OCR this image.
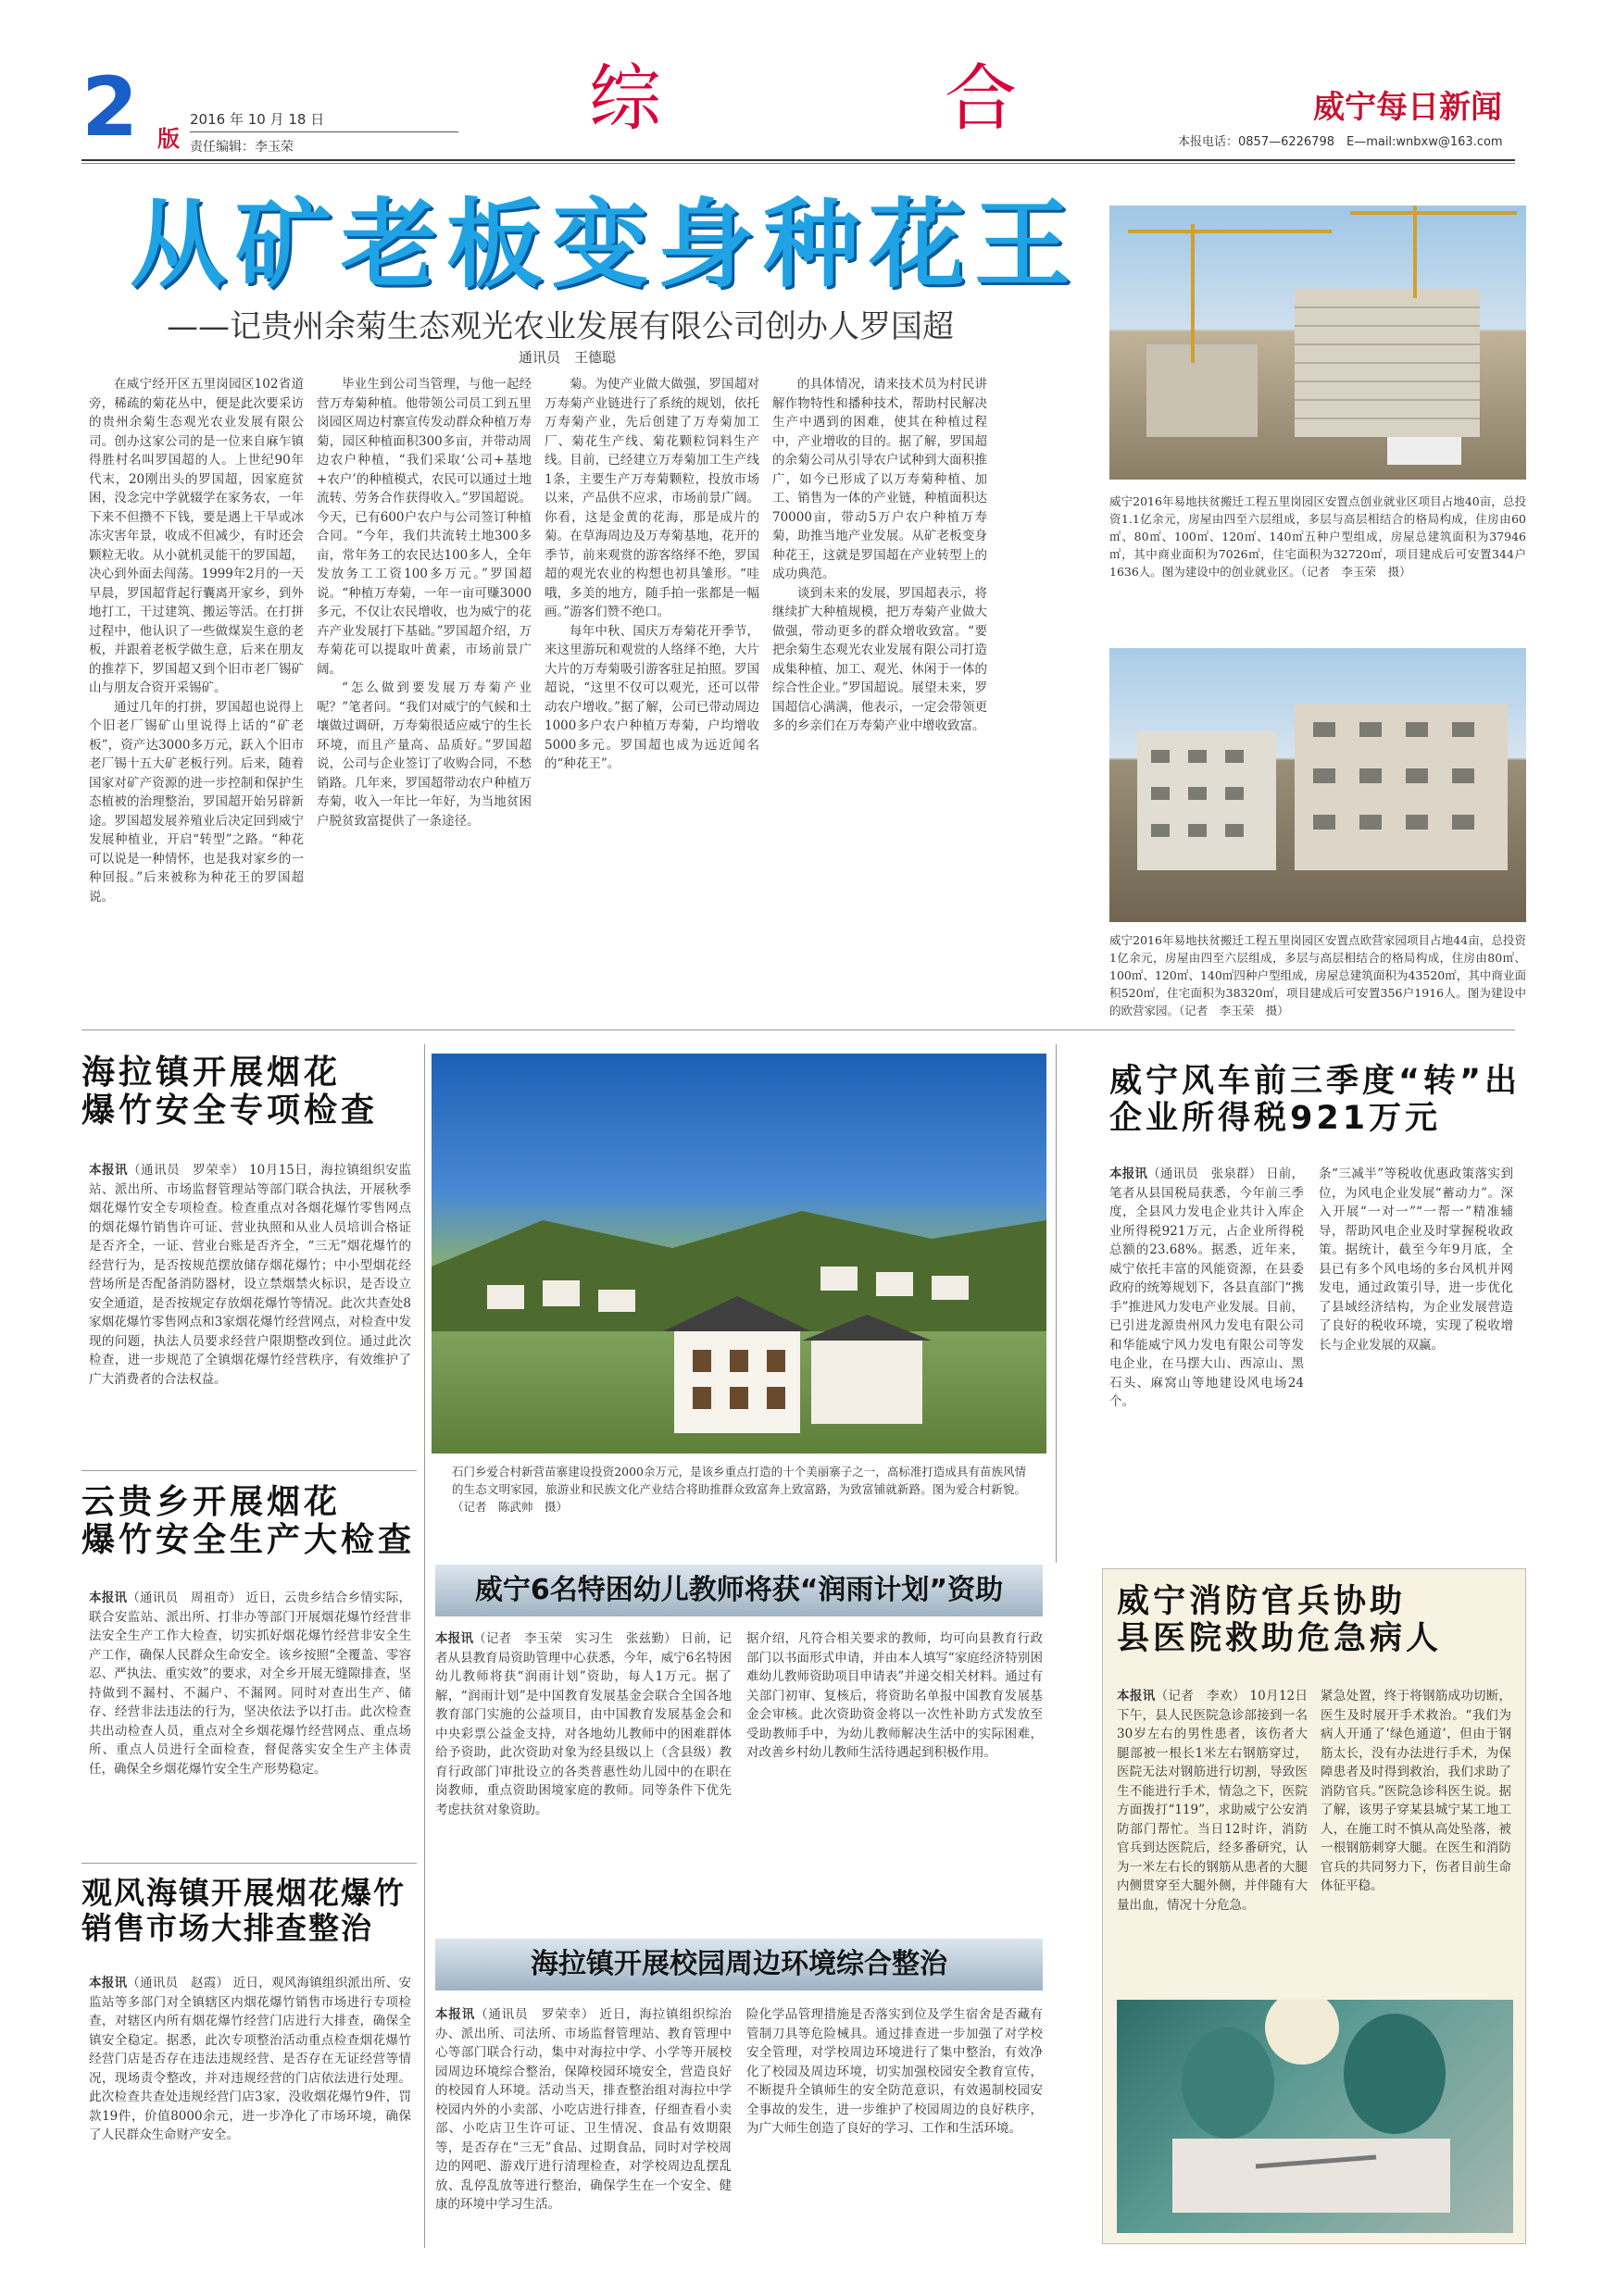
2 版
2016 年 10 月 18 日
责任编辑：李玉荣
综	合	威宁每日新闻
本报电话：0857—6226798　E—mail:wnbxw@163.com
从矿老板变身种花王
——记贵州余菊生态观光农业发展有限公司创办人罗国超
通讯员　王德聪

在威宁经开区五里岗园区102省道旁，稀疏的菊花丛中，便是此次要采访的贵州余菊生态观光农业发展有限公司。创办这家公司的是一位来自麻乍镇得胜村名叫罗国超的人。上世纪90年代末，20刚出头的罗国超，因家庭贫困，没念完中学就辍学在家务农，一年下来不但攒不下钱，要是遇上干旱或冰冻灾害年景，收成不但减少，有时还会颗粒无收。从小就机灵能干的罗国超，决心到外面去闯荡。1999年2月的一天早晨，罗国超背起行囊离开家乡，到外地打工，干过建筑、搬运等活。在打拼过程中，他认识了一些做煤炭生意的老板，并跟着老板学做生意，后来在朋友的推荐下，罗国超又到个旧市老厂锡矿山与朋友合资开采锡矿。

通过几年的打拼，罗国超也说得上个旧老厂锡矿山里说得上话的“矿老板”，资产达3000多万元，跃入个旧市老厂锡十五大矿老板行列。后来，随着国家对矿产资源的进一步控制和保护生态植被的治理整治，罗国超开始另辟新途。罗国超发展养殖业后决定回到威宁发展种植业，开启“转型”之路。“种花可以说是一种情怀，也是我对家乡的一种回报。”后来被称为种花王的罗国超说。

毕业生到公司当管理，与他一起经营万寿菊种植。他带领公司员工到五里岗园区周边村寨宣传发动群众种植万寿菊，园区种植面积300多亩，并带动周边农户种植，“我们采取‘公司+基地+农户’的种植模式，农民可以通过土地流转、劳务合作获得收入。”罗国超说。今天，已有600户农户与公司签订种植合同。“今年，我们共流转土地300多亩，常年务工的农民达100多人，全年发放务工工资100多万元。”罗国超说。“种植万寿菊，一年一亩可赚3000多元，不仅让农民增收，也为威宁的花卉产业发展打下基础。”罗国超介绍，万寿菊花可以提取叶黄素，市场前景广阔。

“怎么做到要发展万寿菊产业呢？”笔者问。“我们对威宁的气候和土壤做过调研，万寿菊很适应威宁的生长环境，而且产量高、品质好。”罗国超说，公司与企业签订了收购合同，不愁销路。几年来，罗国超带动农户种植万寿菊，收入一年比一年好，为当地贫困户脱贫致富提供了一条途径。

菊。为使产业做大做强，罗国超对万寿菊产业链进行了系统的规划，依托万寿菊产业，先后创建了万寿菊加工厂、菊花生产线、菊花颗粒饲料生产线。目前，已经建立万寿菊加工生产线1条，主要生产万寿菊颗粒，投放市场以来，产品供不应求，市场前景广阔。你看，这是金黄的花海，那是成片的菊。在草海周边及万寿菊基地，花开的季节，前来观赏的游客络绎不绝，罗国超的观光农业的构想也初具雏形。“哇哦，多美的地方，随手拍一张都是一幅画。”游客们赞不绝口。

每年中秋、国庆万寿菊花开季节，来这里游玩和观赏的人络绎不绝，大片大片的万寿菊吸引游客驻足拍照。罗国超说，“这里不仅可以观光，还可以带动农户增收。”据了解，公司已带动周边1000多户农户种植万寿菊，户均增收5000多元。罗国超也成为远近闻名的“种花王”。

的具体情况，请来技术员为村民讲解作物特性和播种技术，帮助村民解决生产中遇到的困难，使其在种植过程中，产业增收的目的。据了解，罗国超的余菊公司从引导农户试种到大面积推广，如今已形成了以万寿菊种植、加工、销售为一体的产业链，种植面积达70000亩，带动5万户农户种植万寿菊，助推当地产业发展。从矿老板变身种花王，这就是罗国超在产业转型上的成功典范。

谈到未来的发展，罗国超表示，将继续扩大种植规模，把万寿菊产业做大做强，带动更多的群众增收致富。“要把余菊生态观光农业发展有限公司打造成集种植、加工、观光、休闲于一体的综合性企业。”罗国超说。展望未来，罗国超信心满满，他表示，一定会带领更多的乡亲们在万寿菊产业中增收致富。

威宁2016年易地扶贫搬迁工程五里岗园区安置点创业就业区项目占地40亩，总投资1.1亿余元，房屋由四至六层组成，多层与高层相结合的格局构成，住房由60㎡、80㎡、100㎡、120㎡、140㎡五种户型组成，房屋总建筑面积为37946㎡，其中商业面积为7026㎡，住宅面积为32720㎡，项目建成后可安置344户1636人。图为建设中的创业就业区。（记者　李玉荣　摄）
威宁2016年易地扶贫搬迁工程五里岗园区安置点欧营家园项目占地44亩，总投资1亿余元，房屋由四至六层组成，多层与高层相结合的格局构成，住房由80㎡、100㎡、120㎡、140㎡四种户型组成，房屋总建筑面积为43520㎡，其中商业面积520㎡，住宅面积为38320㎡，项目建成后可安置356户1916人。图为建设中的欧营家园。（记者　李玉荣　摄）
海拉镇开展烟花
爆竹安全专项检查
本报讯（通讯员　罗荣幸） 10月15日，海拉镇组织安监站、派出所、市场监督管理站等部门联合执法，开展秋季烟花爆竹安全专项检查。检查重点对各烟花爆竹零售网点的烟花爆竹销售许可证、营业执照和从业人员培训合格证是否齐全，一证、营业台账是否齐全，“三无”烟花爆竹的经营行为，是否按规范摆放储存烟花爆竹；中小型烟花经营场所是否配备消防器材，设立禁烟禁火标识，是否设立安全通道，是否按规定存放烟花爆竹等情况。此次共查处8家烟花爆竹零售网点和3家烟花爆竹经营网点，对检查中发现的问题，执法人员要求经营户限期整改到位。通过此次检查，进一步规范了全镇烟花爆竹经营秩序，有效维护了广大消费者的合法权益。
石门乡爱合村新营苗寨建设投资2000余万元，是该乡重点打造的十个美丽寨子之一，高标准打造成具有苗族风情的生态文明家园，旅游业和民族文化产业结合将助推群众致富奔上致富路，为致富铺就新路。图为爱合村新貌。（记者　陈武帅　摄）
威宁风车前三季度“转”出
企业所得税921万元
本报讯（通讯员　张泉群） 日前，笔者从县国税局获悉，今年前三季度，全县风力发电企业共计入库企业所得税921万元，占企业所得税总额的23.68%。据悉，近年来，威宁依托丰富的风能资源，在县委政府的统筹规划下，各县直部门“携手”推进风力发电产业发展。目前，已引进龙源贵州风力发电有限公司和华能威宁风力发电有限公司等发电企业，在马摆大山、西凉山、黑石头、麻窝山等地建设风电场24个。
条“三减半”等税收优惠政策落实到位，为风电企业发展“蓄动力”。深入开展“一对一”“一帮一”精准辅导，帮助风电企业及时掌握税收政策。据统计，截至今年9月底，全县已有多个风电场的多台风机并网发电，通过政策引导，进一步优化了县域经济结构，为企业发展营造了良好的税收环境，实现了税收增长与企业发展的双赢。
云贵乡开展烟花
爆竹安全生产大检查
本报讯（通讯员　周祖奇） 近日，云贵乡结合乡情实际，联合安监站、派出所、打非办等部门开展烟花爆竹经营非法安全生产工作大检查，切实抓好烟花爆竹经营非安全生产工作，确保人民群众生命安全。该乡按照“全覆盖、零容忍、严执法、重实效”的要求，对全乡开展无缝隙排查，坚持做到不漏村、不漏户、不漏网。同时对查出生产、储存、经营非法违法的行为，坚决依法予以打击。此次检查共出动检查人员，重点对全乡烟花爆竹经营网点、重点场所、重点人员进行全面检查，督促落实安全生产主体责任，确保全乡烟花爆竹安全生产形势稳定。
威宁6名特困幼儿教师将获“润雨计划”资助
本报讯（记者　李玉荣　实习生　张兹勤） 日前，记者从县教育局资助管理中心获悉，今年，威宁6名特困幼儿教师将获“润雨计划”资助，每人1万元。据了解，“润雨计划”是中国教育发展基金会联合全国各地教育部门实施的公益项目，由中国教育发展基金会和中央彩票公益金支持，对各地幼儿教师中的困难群体给予资助，此次资助对象为经县级以上（含县级）教育行政部门审批设立的各类普惠性幼儿园中的在职在岗教师，重点资助困境家庭的教师。同等条件下优先考虑扶贫对象资助。
据介绍，凡符合相关要求的教师，均可向县教育行政部门以书面形式申请，并由本人填写“家庭经济特别困难幼儿教师资助项目申请表”并递交相关材料。通过有关部门初审、复核后，将资助名单报中国教育发展基金会审核。此次资助资金将以一次性补助方式发放至受助教师手中，为幼儿教师解决生活中的实际困难，对改善乡村幼儿教师生活待遇起到积极作用。
威宁消防官兵协助
县医院救助危急病人
本报讯（记者　李欢） 10月12日下午，县人民医院急诊部接到一名30岁左右的男性患者，该伤者大腿部被一根长1米左右钢筋穿过，医院无法对钢筋进行切割，导致医生不能进行手术，情急之下，医院方面拨打“119”，求助威宁公安消防部门帮忙。当日12时许，消防官兵到达医院后，经多番研究，认为一米左右长的钢筋从患者的大腿内侧贯穿至大腿外侧，并伴随有大量出血，情况十分危急。
紧急处置，终于将钢筋成功切断，医生及时展开手术救治。“我们为病人开通了‘绿色通道’，但由于钢筋太长，没有办法进行手术，为保障患者及时得到救治，我们求助了消防官兵。”医院急诊科医生说。据了解，该男子穿某县城宁某工地工人，在施工时不慎从高处坠落，被一根钢筋刺穿大腿。在医生和消防官兵的共同努力下，伤者目前生命体征平稳。
观风海镇开展烟花爆竹
销售市场大排查整治
本报讯（通讯员　赵霞） 近日，观风海镇组织派出所、安监站等多部门对全镇辖区内烟花爆竹销售市场进行专项检查，对辖区内所有烟花爆竹经营门店进行大排查，确保全镇安全稳定。据悉，此次专项整治活动重点检查烟花爆竹经营门店是否存在违法违规经营、是否存在无证经营等情况，现场责令整改，并对违规经营的门店依法进行处理。此次检查共查处违规经营门店3家，没收烟花爆竹9件，罚款19件，价值8000余元，进一步净化了市场环境，确保了人民群众生命财产安全。
海拉镇开展校园周边环境综合整治
本报讯（通讯员　罗荣幸） 近日，海拉镇组织综治办、派出所、司法所、市场监督管理站、教育管理中心等部门联合行动，集中对海拉中学、小学等开展校园周边环境综合整治，保障校园环境安全，营造良好的校园育人环境。活动当天，排查整治组对海拉中学校园内外的小卖部、小吃店进行排查，仔细查看小卖部、小吃店卫生许可证、卫生情况、食品有效期限等，是否存在“三无”食品、过期食品，同时对学校周边的网吧、游戏厅进行清理检查，对学校周边乱摆乱放、乱停乱放等进行整治，确保学生在一个安全、健康的环境中学习生活。
险化学品管理措施是否落实到位及学生宿舍是否藏有管制刀具等危险械具。通过排查进一步加强了对学校安全管理，对学校周边环境进行了集中整治，有效净化了校园及周边环境，切实加强校园安全教育宣传，不断提升全镇师生的安全防范意识，有效遏制校园安全事故的发生，进一步维护了校园周边的良好秩序，为广大师生创造了良好的学习、工作和生活环境。
